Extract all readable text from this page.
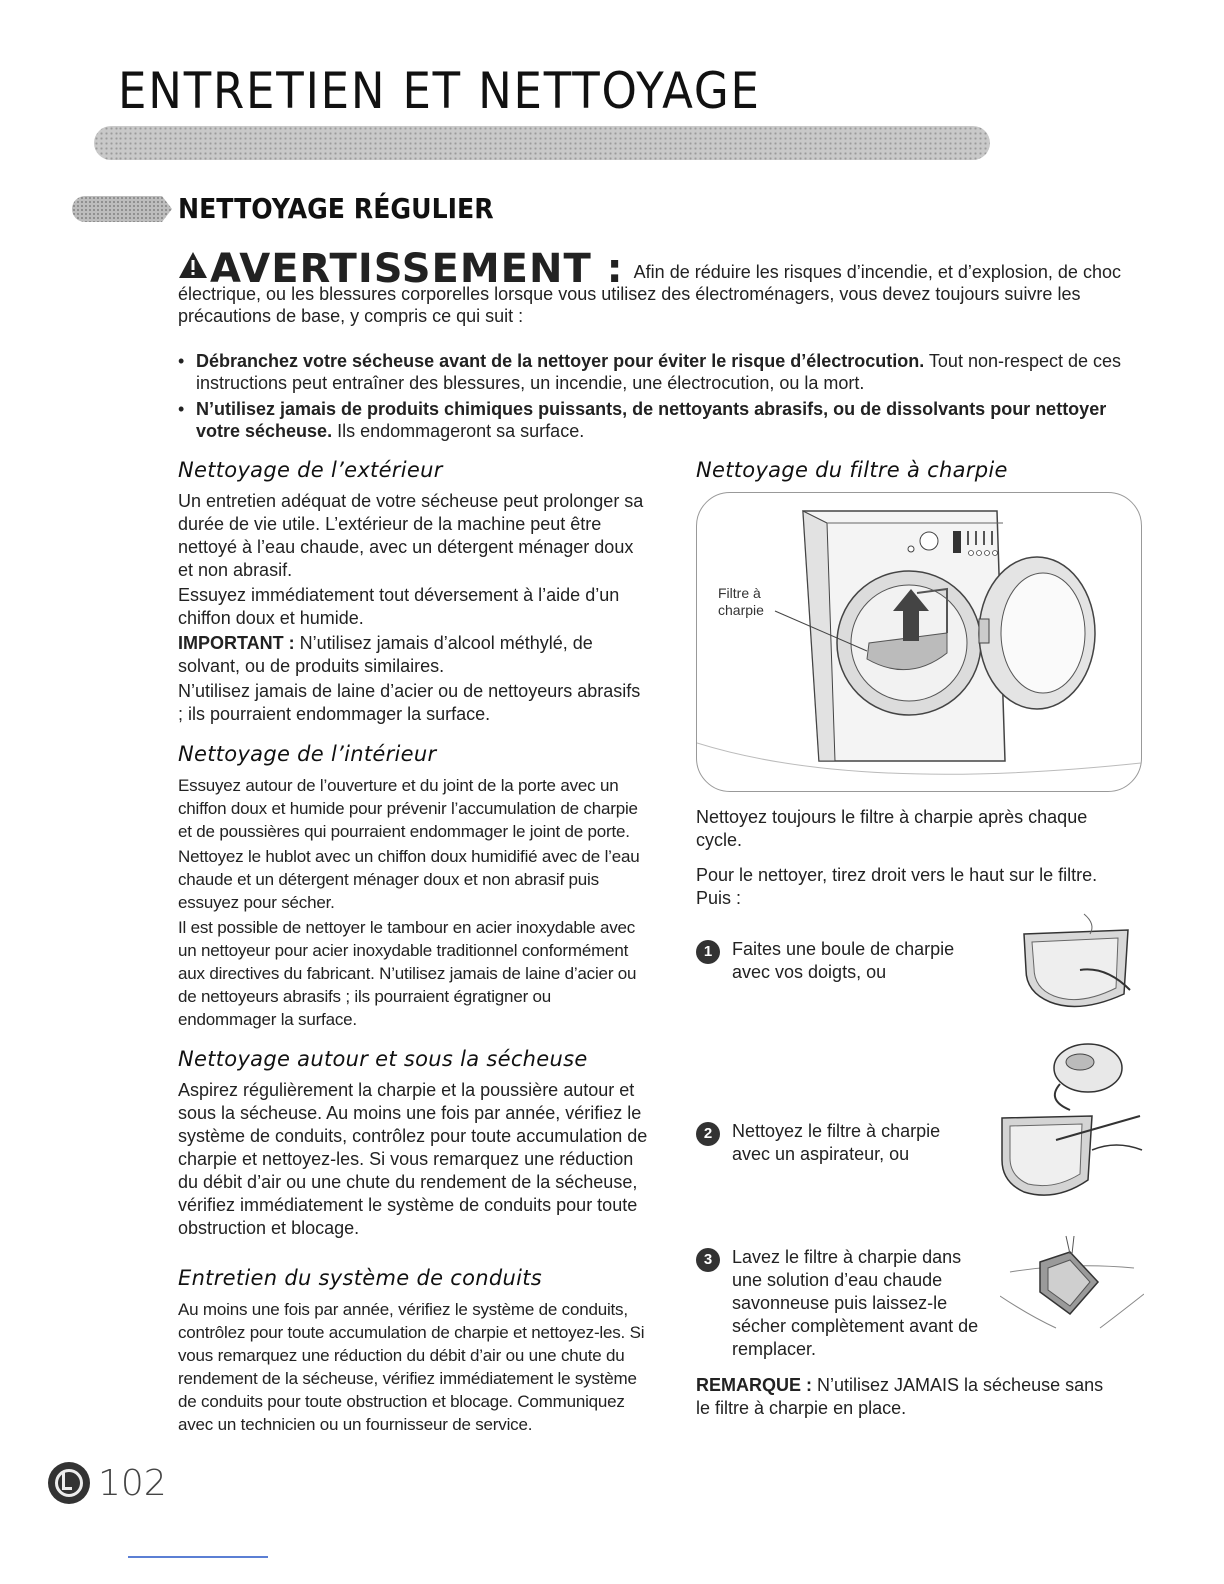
ENTRETIEN ET NETTOYAGE
NETTOYAGE RÉGULIER
AVERTISSEMENT : Afin de réduire les risques d’incendie, et d’explosion, de choc électrique, ou les blessures corporelles lorsque vous utilisez des électroménagers, vous devez toujours suivre les précautions de base, y compris ce qui suit :
• Débranchez votre sécheuse avant de la nettoyer pour éviter le risque d’électrocution. Tout non-respect de ces instructions peut entraîner des blessures, un incendie, une électrocution, ou la mort.
• N’utilisez jamais de produits chimiques puissants, de nettoyants abrasifs, ou de dissolvants pour nettoyer votre sécheuse. Ils endommageront sa surface.
Nettoyage de l’extérieur

Un entretien adéquat de votre sécheuse peut prolonger sa durée de vie utile. L’extérieur de la machine peut être nettoyé à l’eau chaude, avec un détergent ménager doux et non abrasif.

Essuyez immédiatement tout déversement à l’aide d’un chiffon doux et humide.

IMPORTANT : N’utilisez jamais d’alcool méthylé, de solvant, ou de produits similaires.

N’utilisez jamais de laine d’acier ou de nettoyeurs abrasifs ; ils pourraient endommager la surface.

Nettoyage de l’intérieur

Essuyez autour de l’ouverture et du joint de la porte avec un chiffon doux et humide pour prévenir l’accumulation de charpie et de poussières qui pourraient endommager le joint de porte.

Nettoyez le hublot avec un chiffon doux humidifié avec de l’eau chaude et un détergent ménager doux et non abrasif puis essuyez pour sécher.

Il est possible de nettoyer le tambour en acier inoxydable avec un nettoyeur pour acier inoxydable traditionnel conformément aux directives du fabricant. N’utilisez jamais de laine d’acier ou de nettoyeurs abrasifs ; ils pourraient égratigner ou endommager la surface.

Nettoyage autour et sous la sécheuse

Aspirez régulièrement la charpie et la poussière autour et sous la sécheuse. Au moins une fois par année, vérifiez le système de conduits, contrôlez pour toute accumulation de charpie et nettoyez-les. Si vous remarquez une réduction du débit d’air ou une chute du rendement de la sécheuse, vérifiez immédiatement le système de conduits pour toute obstruction et blocage.

Entretien du système de conduits

Au moins une fois par année, vérifiez le système de conduits, contrôlez pour toute accumulation de charpie et nettoyez-les. Si vous remarquez une réduction du débit d’air ou une chute du rendement de la sécheuse, vérifiez immédiatement le système de conduits pour toute obstruction et blocage. Communiquez avec un technicien ou un fournisseur de service.

Nettoyage du filtre à charpie
Filtre à charpie

Nettoyez toujours le filtre à charpie après chaque cycle.

Pour le nettoyer, tirez droit vers le haut sur le filtre. Puis :

1	Faites une boule de charpie avec vos doigts, ou
2	Nettoyez le filtre à charpie avec un aspirateur, ou
3	Lavez le filtre à charpie dans une solution d’eau chaude savonneuse puis laissez-le sécher complètement avant de remplacer.

REMARQUE : N’utilisez JAMAIS la sécheuse sans le filtre à charpie en place.

102
